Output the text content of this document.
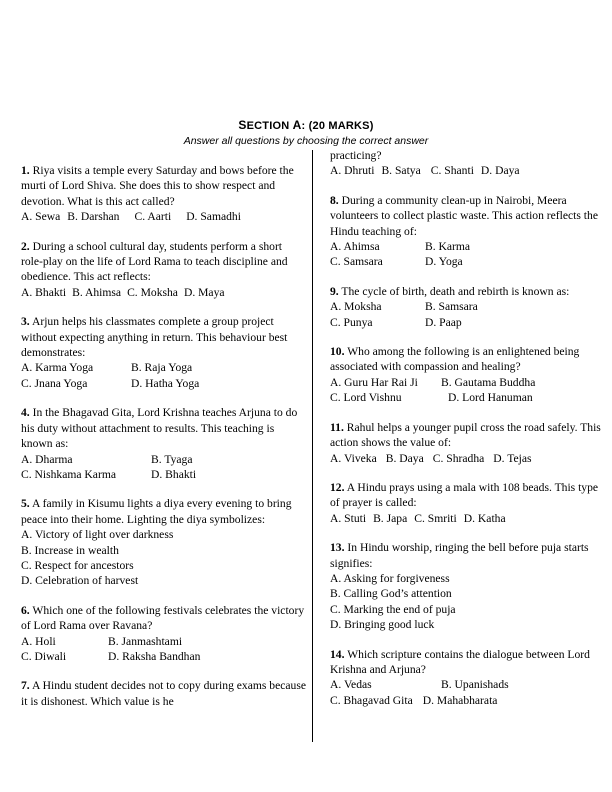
SECTION A: (20 MARKS)
Answer all questions by choosing the correct answer

1. Riya visits a temple every Saturday and bows before the murti of Lord Shiva. She does this to show respect and devotion. What is this act called?

A. Sewa B. Darshan C. Aarti D. Samadhi

2. During a school cultural day, students perform a short role-play on the life of Lord Rama to teach discipline and obedience. This act reflects:

A. Bhakti B. Ahimsa C. Moksha D. Maya

3. Arjun helps his classmates complete a group project without expecting anything in return. This behaviour best demonstrates:

A. Karma Yoga	B. Raja Yoga
C. Jnana Yoga	D. Hatha Yoga

4. In the Bhagavad Gita, Lord Krishna teaches Arjuna to do his duty without attachment to results. This teaching is known as:

A. Dharma	B. Tyaga
C. Nishkama Karma	D. Bhakti

5. A family in Kisumu lights a diya every evening to bring peace into their home. Lighting the diya symbolizes:

A. Victory of light over darkness
B. Increase in wealth
C. Respect for ancestors
D. Celebration of harvest

6. Which one of the following festivals celebrates the victory of Lord Rama over Ravana?

A. Holi	B. Janmashtami
C. Diwali	D. Raksha Bandhan

7. A Hindu student decides not to copy during exams because it is dishonest. Which value is he

practicing?

A. Dhruti B. Satya C. Shanti D. Daya

8. During a community clean-up in Nairobi, Meera volunteers to collect plastic waste. This action reflects the Hindu teaching of:

A. Ahimsa	B. Karma
C. Samsara	D. Yoga

9. The cycle of birth, death and rebirth is known as:

A. Moksha	B. Samsara
C. Punya	D. Paap

10. Who among the following is an enlightened being associated with compassion and healing?

A. Guru Har Rai Ji	B. Gautama Buddha
C. Lord Vishnu	D. Lord Hanuman

11. Rahul helps a younger pupil cross the road safely. This action shows the value of:

A. Viveka B. Daya C. Shradha D. Tejas

12. A Hindu prays using a mala with 108 beads. This type of prayer is called:

A. Stuti B. Japa C. Smriti D. Katha

13. In Hindu worship, ringing the bell before puja starts signifies:

A. Asking for forgiveness
B. Calling God’s attention
C. Marking the end of puja
D. Bringing good luck

14. Which scripture contains the dialogue between Lord Krishna and Arjuna?

A. Vedas	B. Upanishads
C. Bhagavad Gita D. Mahabharata
